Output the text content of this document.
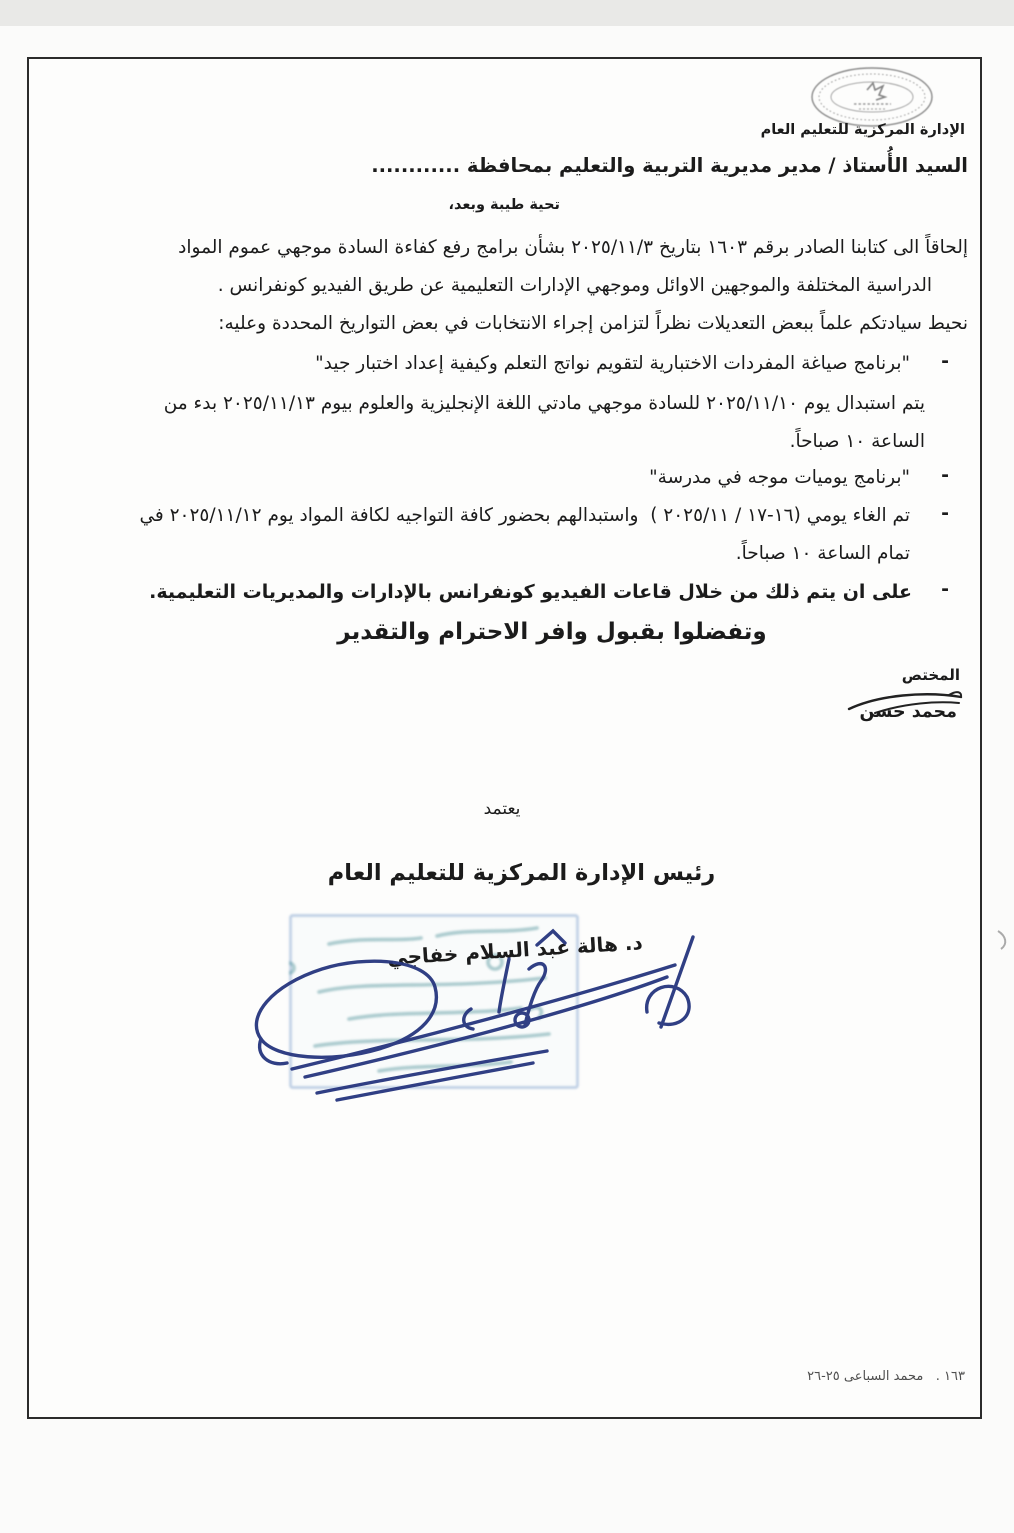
الإدارة المركزية للتعليم العام
السيد الأُستاذ / مدير مديرية التربية والتعليم بمحافظة ............
تحية طيبة وبعد،
إلحاقاً الى كتابنا الصادر برقم ١٦٠٣ بتاريخ ٢٠٢٥/١١/٣ بشأن برامج رفع كفاءة السادة موجهي عموم المواد
الدراسية المختلفة والموجهين الاوائل وموجهي الإدارات التعليمية عن طريق الفيديو كونفرانس .
نحيط سيادتكم علماً ببعض التعديلات نظراً لتزامن إجراء الانتخابات في بعض التواريخ المحددة وعليه:
-
"برنامج صياغة المفردات الاختبارية لتقويم نواتج التعلم وكيفية إعداد اختبار جيد"
يتم استبدال يوم ٢٠٢٥/١١/١٠ للسادة موجهي مادتي اللغة الإنجليزية والعلوم بيوم ٢٠٢٥/١١/١٣ بدء من
الساعة ١٠ صباحاً.
-
"برنامج يوميات موجه في مدرسة"
-
تم الغاء يومي (١٦-١٧ / ٢٠٢٥/١١ )  واستبدالهم بحضور كافة التواجيه لكافة المواد يوم ٢٠٢٥/١١/١٢ في
تمام الساعة ١٠ صباحاً.
-
على ان يتم ذلك من خلال قاعات الفيديو كونفرانس بالإدارات والمديريات التعليمية.
وتفضلوا بقبول وافر الاحترام والتقدير
المختص
محمد حسن
يعتمد
رئيس الإدارة المركزية للتعليم العام
د. هالة عبد السلام خفاجي
١٦٣ .   محمد السباعى ٢٥-٢٦
